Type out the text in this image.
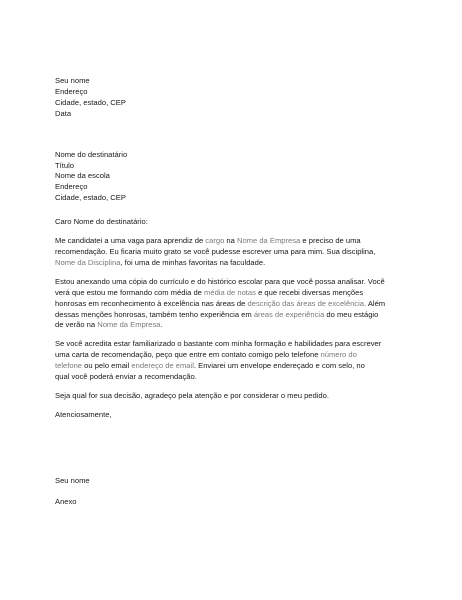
Seu nome
Endereço
Cidade, estado, CEP
Data
Nome do destinatário
Título
Nome da escola
Endereço
Cidade, estado, CEP
Caro Nome do destinatário:
Me candidatei a uma vaga para aprendiz de cargo na Nome da Empresa e preciso de uma
recomendação. Eu ficaria muito grato se você pudesse escrever uma para mim. Sua disciplina,
Nome da Disciplina, foi uma de minhas favoritas na faculdade.
Estou anexando uma cópia do currículo e do histórico escolar para que você possa analisar. Você
verá que estou me formando com média de média de notas e que recebi diversas menções
honrosas em reconhecimento à excelência nas áreas de descrição das áreas de excelência. Além
dessas menções honrosas, também tenho experiência em áreas de experiência do meu estágio
de verão na Nome da Empresa.
Se você acredita estar familiarizado o bastante com minha formação e habilidades para escrever
uma carta de recomendação, peço que entre em contato comigo pelo telefone número do
telefone ou pelo email endereço de email. Enviarei um envelope endereçado e com selo, no
qual você poderá enviar a recomendação.
Seja qual for sua decisão, agradeço pela atenção e por considerar o meu pedido.
Atenciosamente,
Seu nome
Anexo
